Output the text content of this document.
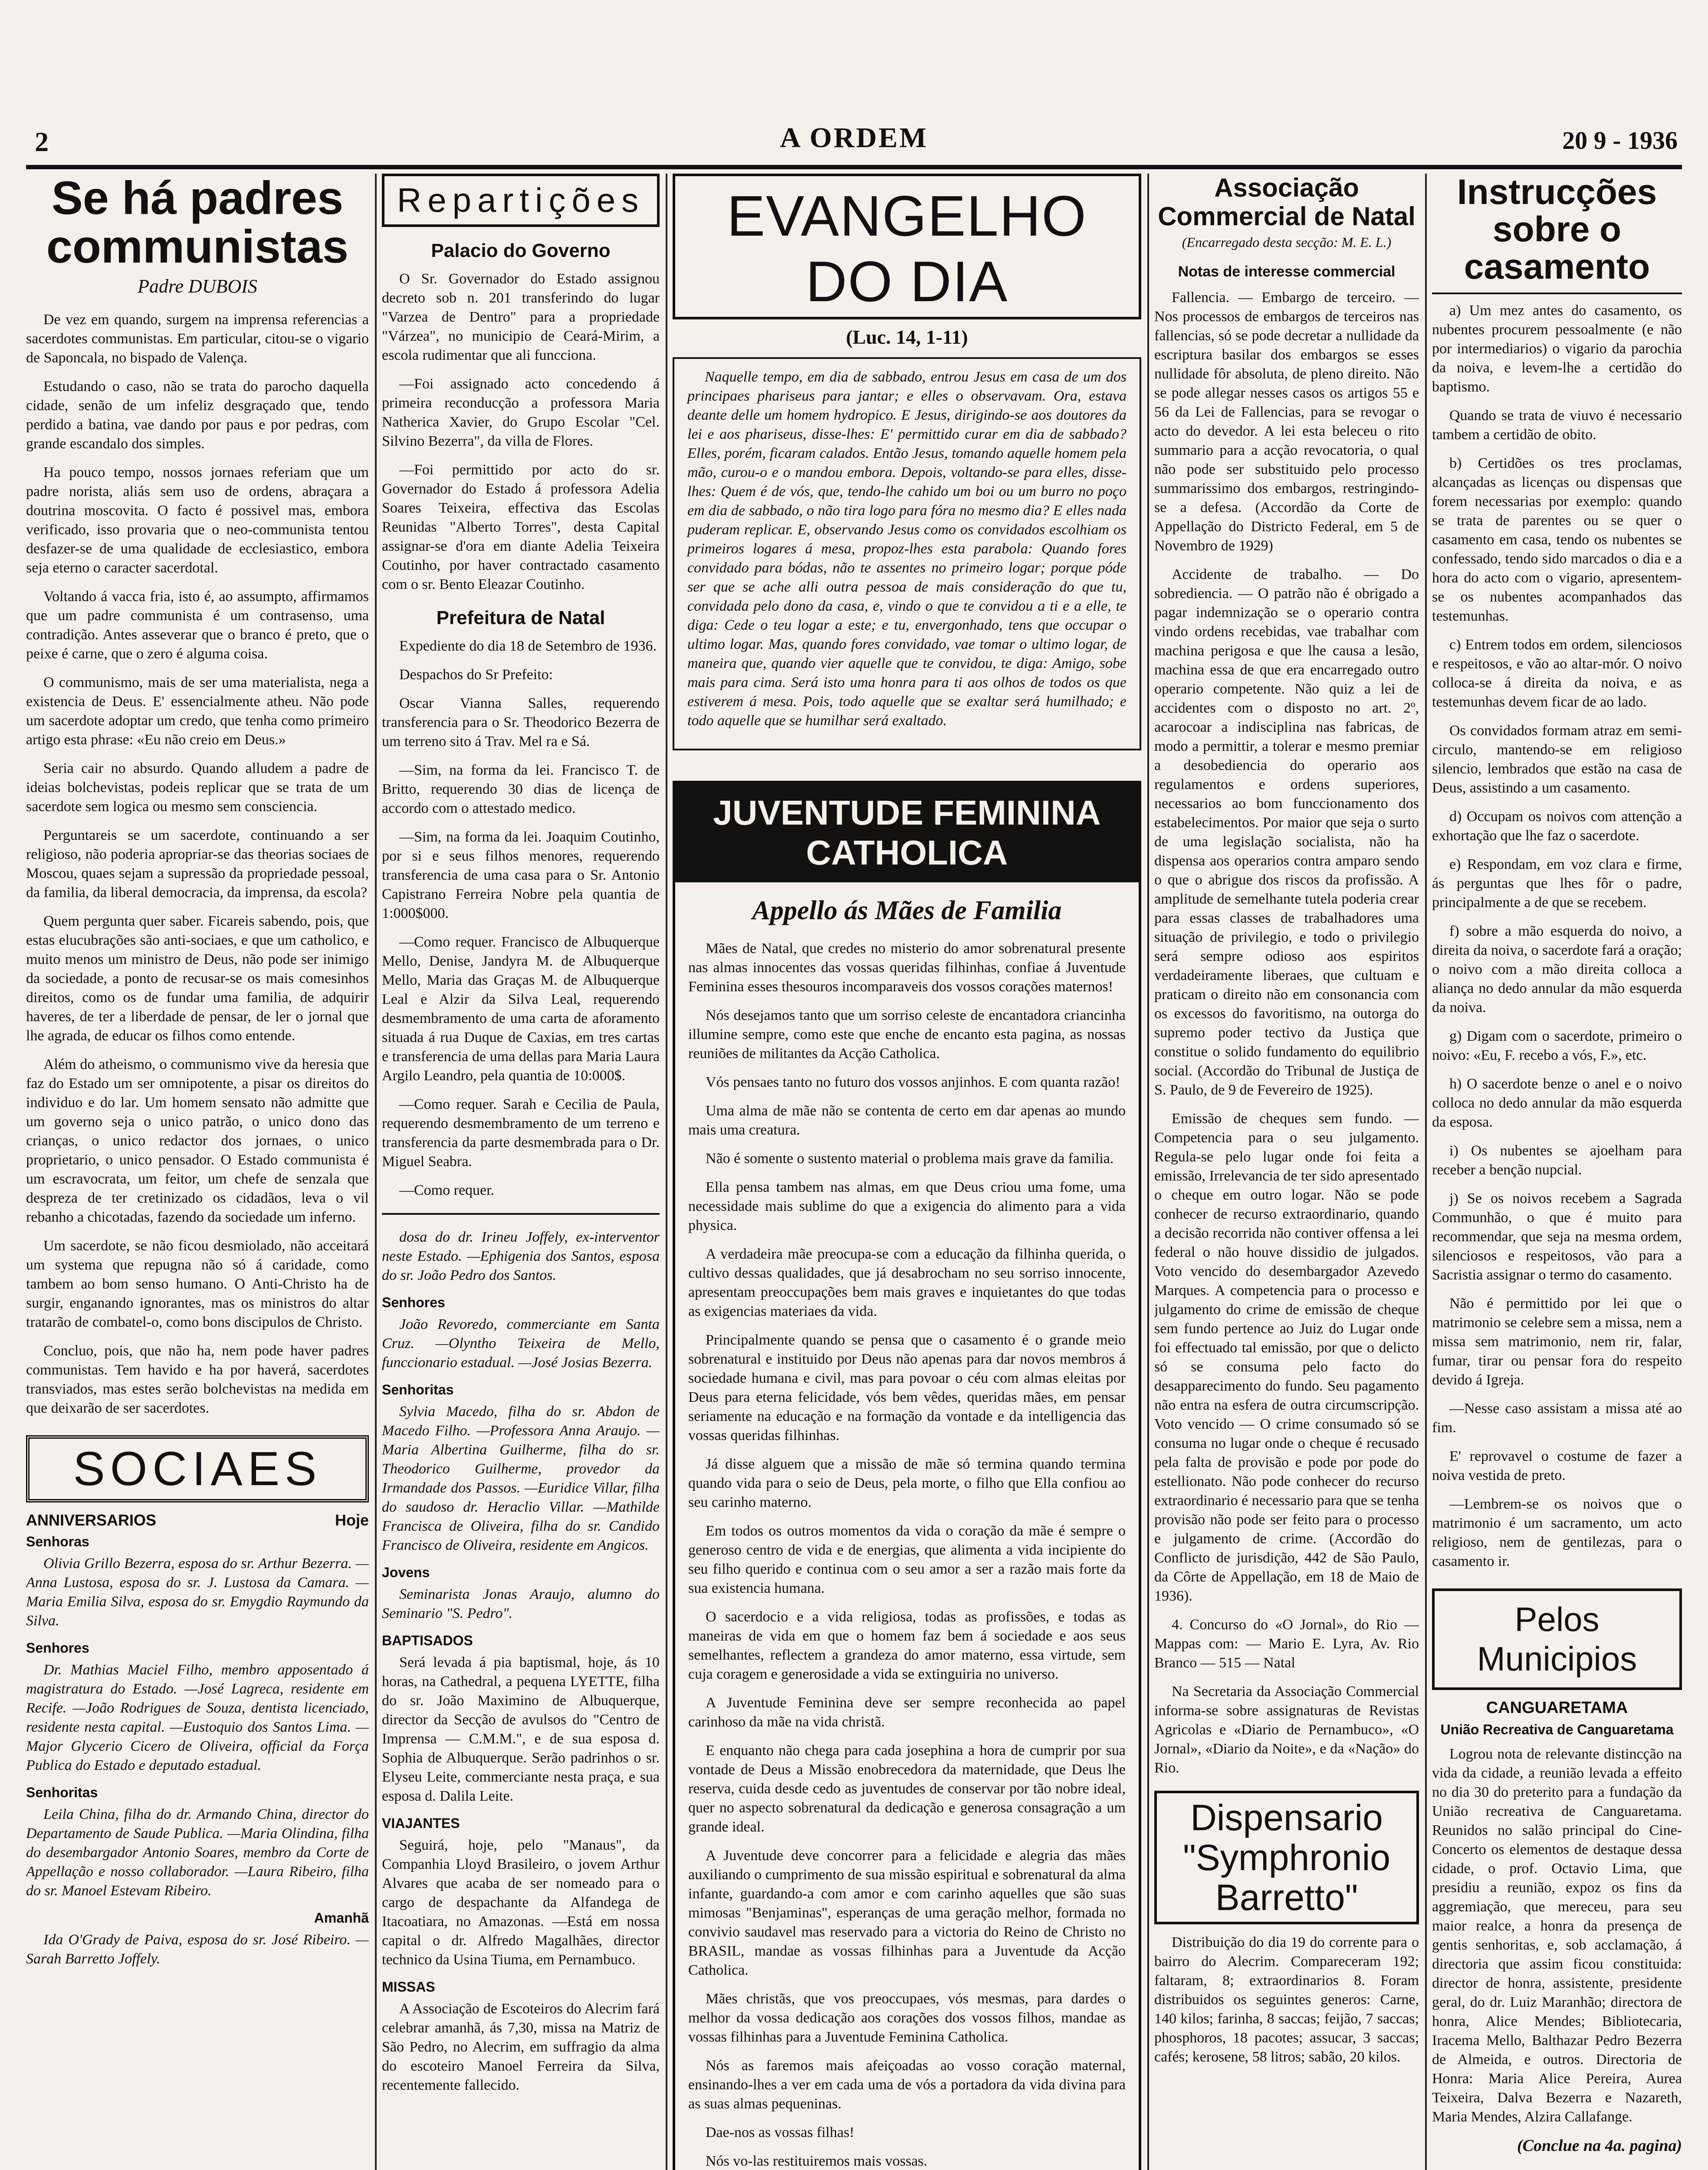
2	A ORDEM	20 9 - 1936
Se há padres communistas
Padre DUBOIS

De vez em quando, surgem na imprensa referencias a sacerdotes communistas. Em particular, citou-se o vigario de Saponcala, no bispado de Valença.

Estudando o caso, não se trata do parocho daquella cidade, senão de um infeliz desgraçado que, tendo perdido a batina, vae dando por paus e por pedras, com grande escandalo dos simples.

Ha pouco tempo, nossos jornaes referiam que um padre norista, aliás sem uso de ordens, abraçara a doutrina moscovita. O facto é possivel mas, embora verificado, isso provaria que o neo-communista tentou desfazer-se de uma qualidade de ecclesiastico, embora seja eterno o caracter sacerdotal.

Voltando á vacca fria, isto é, ao assumpto, affirmamos que um padre communista é um contrasenso, uma contradição. Antes asseverar que o branco é preto, que o peixe é carne, que o zero é alguma coisa.

O communismo, mais de ser uma materialista, nega a existencia de Deus. E' essencialmente atheu. Não pode um sacerdote adoptar um credo, que tenha como primeiro artigo esta phrase: «Eu não creio em Deus.»

Seria cair no absurdo. Quando alludem a padre de ideias bolchevistas, podeis replicar que se trata de um sacerdote sem logica ou mesmo sem consciencia.

Perguntareis se um sacerdote, continuando a ser religioso, não poderia apropriar-se das theorias sociaes de Moscou, quaes sejam a supressão da propriedade pessoal, da familia, da liberal democracia, da imprensa, da escola?

Quem pergunta quer saber. Ficareis sabendo, pois, que estas elucubrações são anti-sociaes, e que um catholico, e muito menos um ministro de Deus, não pode ser inimigo da sociedade, a ponto de recusar-se os mais comesinhos direitos, como os de fundar uma familia, de adquirir haveres, de ter a liberdade de pensar, de ler o jornal que lhe agrada, de educar os filhos como entende.

Além do atheismo, o communismo vive da heresia que faz do Estado um ser omnipotente, a pisar os direitos do individuo e do lar. Um homem sensato não admitte que um governo seja o unico patrão, o unico dono das crianças, o unico redactor dos jornaes, o unico proprietario, o unico pensador. O Estado communista é um escravocrata, um feitor, um chefe de senzala que despreza de ter cretinizado os cidadãos, leva o vil rebanho a chicotadas, fazendo da sociedade um inferno.

Um sacerdote, se não ficou desmiolado, não acceitará um systema que repugna não só á caridade, como tambem ao bom senso humano. O Anti-Christo ha de surgir, enganando ignorantes, mas os ministros do altar tratarão de combatel-o, como bons discipulos de Christo.

Concluo, pois, que não ha, nem pode haver padres communistas. Tem havido e ha por haverá, sacerdotes transviados, mas estes serão bolchevistas na medida em que deixarão de ser sacerdotes.

SOCIAES
ANNIVERSARIOS	Hoje
Senhoras

Olivia Grillo Bezerra, esposa do sr. Arthur Bezerra. —Anna Lustosa, esposa do sr. J. Lustosa da Camara. —Maria Emilia Silva, esposa do sr. Emygdio Raymundo da Silva.

Senhores

Dr. Mathias Maciel Filho, membro apposentado á magistratura do Estado. —José Lagreca, residente em Recife. —João Rodrigues de Souza, dentista licenciado, residente nesta capital. —Eustoquio dos Santos Lima. —Major Glycerio Cicero de Oliveira, official da Força Publica do Estado e deputado estadual.

Senhoritas

Leila China, filha do dr. Armando China, director do Departamento de Saude Publica. —Maria Olindina, filha do desembargador Antonio Soares, membro da Corte de Appellação e nosso collaborador. —Laura Ribeiro, filha do sr. Manoel Estevam Ribeiro.

Amanhã

Ida O'Grady de Paiva, esposa do sr. José Ribeiro. —Sarah Barretto Joffely.

Repartições
Palacio do Governo

O Sr. Governador do Estado assignou decreto sob n. 201 transferindo do lugar "Varzea de Dentro" para a propriedade "Várzea", no municipio de Ceará-Mirim, a escola rudimentar que ali funcciona.

—Foi assignado acto concedendo á primeira reconducção a professora Maria Natherica Xavier, do Grupo Escolar "Cel. Silvino Bezerra", da villa de Flores.

—Foi permittido por acto do sr. Governador do Estado á professora Adelia Soares Teixeira, effectiva das Escolas Reunidas "Alberto Torres", desta Capital assignar-se d'ora em diante Adelia Teixeira Coutinho, por haver contractado casamento com o sr. Bento Eleazar Coutinho.

Prefeitura de Natal

Expediente do dia 18 de Setembro de 1936.

Despachos do Sr Prefeito:

Oscar Vianna Salles, requerendo transferencia para o Sr. Theodorico Bezerra de um terreno sito á Trav. Mel ra e Sá.

—Sim, na forma da lei. Francisco T. de Britto, requerendo 30 dias de licença de accordo com o attestado medico.

—Sim, na forma da lei. Joaquim Coutinho, por si e seus filhos menores, requerendo transferencia de uma casa para o Sr. Antonio Capistrano Ferreira Nobre pela quantia de 1:000$000.

—Como requer. Francisco de Albuquerque Mello, Denise, Jandyra M. de Albuquerque Mello, Maria das Graças M. de Albuquerque Leal e Alzir da Silva Leal, requerendo desmembramento de uma carta de aforamento situada á rua Duque de Caxias, em tres cartas e transferencia de uma dellas para Maria Laura Argilo Leandro, pela quantia de 10:000$.

—Como requer. Sarah e Cecilia de Paula, requerendo desmembramento de um terreno e transferencia da parte desmembrada para o Dr. Miguel Seabra.

—Como requer.

dosa do dr. Irineu Joffely, ex-interventor neste Estado. —Ephigenia dos Santos, esposa do sr. João Pedro dos Santos.

Senhores

João Revoredo, commerciante em Santa Cruz. —Olyntho Teixeira de Mello, funccionario estadual. —José Josias Bezerra.

Senhoritas

Sylvia Macedo, filha do sr. Abdon de Macedo Filho. —Professora Anna Araujo. —Maria Albertina Guilherme, filha do sr. Theodorico Guilherme, provedor da Irmandade dos Passos. —Euridice Villar, filha do saudoso dr. Heraclio Villar. —Mathilde Francisca de Oliveira, filha do sr. Candido Francisco de Oliveira, residente em Angicos.

Jovens

Seminarista Jonas Araujo, alumno do Seminario "S. Pedro".

BAPTISADOS

Será levada á pia baptismal, hoje, ás 10 horas, na Cathedral, a pequena LYETTE, filha do sr. João Maximino de Albuquerque, director da Secção de avulsos do "Centro de Imprensa — C.M.M.", e de sua esposa d. Sophia de Albuquerque. Serão padrinhos o sr. Elyseu Leite, commerciante nesta praça, e sua esposa d. Dalila Leite.

VIAJANTES

Seguirá, hoje, pelo "Manaus", da Companhia Lloyd Brasileiro, o jovem Arthur Alvares que acaba de ser nomeado para o cargo de despachante da Alfandega de Itacoatiara, no Amazonas. —Está em nossa capital o dr. Alfredo Magalhães, director technico da Usina Tiuma, em Pernambuco.

MISSAS

A Associação de Escoteiros do Alecrim fará celebrar amanhã, ás 7,30, missa na Matriz de São Pedro, no Alecrim, em suffragio da alma do escoteiro Manoel Ferreira da Silva, recentemente fallecido.

EVANGELHO DO DIA
(Luc. 14, 1-11)

Naquelle tempo, em dia de sabbado, entrou Jesus em casa de um dos principaes phariseus para jantar; e elles o observavam. Ora, estava deante delle um homem hydropico. E Jesus, dirigindo-se aos doutores da lei e aos phariseus, disse-lhes: E' permittido curar em dia de sabbado? Elles, porém, ficaram calados. Então Jesus, tomando aquelle homem pela mão, curou-o e o mandou embora. Depois, voltando-se para elles, disse-lhes: Quem é de vós, que, tendo-lhe cahido um boi ou um burro no poço em dia de sabbado, o não tira logo para fóra no mesmo dia? E elles nada puderam replicar. E, observando Jesus como os convidados escolhiam os primeiros logares á mesa, propoz-lhes esta parabola: Quando fores convidado para bódas, não te assentes no primeiro logar; porque póde ser que se ache alli outra pessoa de mais consideração do que tu, convidada pelo dono da casa, e, vindo o que te convidou a ti e a elle, te diga: Cede o teu logar a este; e tu, envergonhado, tens que occupar o ultimo logar. Mas, quando fores convidado, vae tomar o ultimo logar, de maneira que, quando vier aquelle que te convidou, te diga: Amigo, sobe mais para cima. Será isto uma honra para ti aos olhos de todos os que estiverem á mesa. Pois, todo aquelle que se exaltar será humilhado; e todo aquelle que se humilhar será exaltado.

JUVENTUDE FEMININA CATHOLICA
Appello ás Mães de Familia

Mães de Natal, que credes no misterio do amor sobrenatural presente nas almas innocentes das vossas queridas filhinhas, confiae á Juventude Feminina esses thesouros incomparaveis dos vossos corações maternos!

Nós desejamos tanto que um sorriso celeste de encantadora criancinha illumine sempre, como este que enche de encanto esta pagina, as nossas reuniões de militantes da Acção Catholica.

Vós pensaes tanto no futuro dos vossos anjinhos. E com quanta razão!

Uma alma de mãe não se contenta de certo em dar apenas ao mundo mais uma creatura.

Não é somente o sustento material o problema mais grave da familia.

Ella pensa tambem nas almas, em que Deus criou uma fome, uma necessidade mais sublime do que a exigencia do alimento para a vida physica.

A verdadeira mãe preocupa-se com a educação da filhinha querida, o cultivo dessas qualidades, que já desabrocham no seu sorriso innocente, apresentam preoccupações bem mais graves e inquietantes do que todas as exigencias materiaes da vida.

Principalmente quando se pensa que o casamento é o grande meio sobrenatural e instituido por Deus não apenas para dar novos membros á sociedade humana e civil, mas para povoar o céu com almas eleitas por Deus para eterna felicidade, vós bem vêdes, queridas mães, em pensar seriamente na educação e na formação da vontade e da intelligencia das vossas queridas filhinhas.

Já disse alguem que a missão de mãe só termina quando termina quando vida para o seio de Deus, pela morte, o filho que Ella confiou ao seu carinho materno.

Em todos os outros momentos da vida o coração da mãe é sempre o generoso centro de vida e de energias, que alimenta a vida incipiente do seu filho querido e continua com o seu amor a ser a razão mais forte da sua existencia humana.

O sacerdocio e a vida religiosa, todas as profissões, e todas as maneiras de vida em que o homem faz bem á sociedade e aos seus semelhantes, reflectem a grandeza do amor materno, essa virtude, sem cuja coragem e generosidade a vida se extinguiria no universo.

A Juventude Feminina deve ser sempre reconhecida ao papel carinhoso da mãe na vida christã.

E enquanto não chega para cada josephina a hora de cumprir por sua vontade de Deus a Missão enobrecedora da maternidade, que Deus lhe reserva, cuida desde cedo as juventudes de conservar por tão nobre ideal, quer no aspecto sobrenatural da dedicação e generosa consagração a um grande ideal.

A Juventude deve concorrer para a felicidade e alegria das mães auxiliando o cumprimento de sua missão espiritual e sobrenatural da alma infante, guardando-a com amor e com carinho aquelles que são suas mimosas "Benjaminas", esperanças de uma geração melhor, formada no convivio saudavel mas reservado para a victoria do Reino de Christo no BRASIL, mandae as vossas filhinhas para a Juventude da Acção Catholica.

Mães christãs, que vos preoccupaes, vós mesmas, para dardes o melhor da vossa dedicação aos corações dos vossos filhos, mandae as vossas filhinhas para a Juventude Feminina Catholica.

Nós as faremos mais afeiçoadas ao vosso coração maternal, ensinando-lhes a ver em cada uma de vós a portadora da vida divina para as suas almas pequeninas.

Dae-nos as vossas filhas!

Nós vo-las restituiremos mais vossas.

Associação Commercial de Natal
(Encarregado desta secção: M. E. L.)
Notas de interesse commercial

Fallencia. — Embargo de terceiro. — Nos processos de embargos de terceiros nas fallencias, só se pode decretar a nullidade da escriptura basilar dos embargos se esses nullidade fôr absoluta, de pleno direito. Não se pode allegar nesses casos os artigos 55 e 56 da Lei de Fallencias, para se revogar o acto do devedor. A lei esta beleceu o rito summario para a acção revocatoria, o qual não pode ser substituido pelo processo summarissimo dos embargos, restringindo-se a defesa. (Accordão da Corte de Appellação do Districto Federal, em 5 de Novembro de 1929)

Accidente de trabalho. — Do sobrediencia. — O patrão não é obrigado a pagar indemnização se o operario contra vindo ordens recebidas, vae trabalhar com machina perigosa e que lhe causa a lesão, machina essa de que era encarregado outro operario competente. Não quiz a lei de accidentes com o disposto no art. 2º, acarocoar a indisciplina nas fabricas, de modo a permittir, a tolerar e mesmo premiar a desobediencia do operario aos regulamentos e ordens superiores, necessarios ao bom funccionamento dos estabelecimentos. Por maior que seja o surto de uma legislação socialista, não ha dispensa aos operarios contra amparo sendo o que o abrigue dos riscos da profissão. A amplitude de semelhante tutela poderia crear para essas classes de trabalhadores uma situação de privilegio, e todo o privilegio será sempre odioso aos espiritos verdadeiramente liberaes, que cultuam e praticam o direito não em consonancia com os excessos do favoritismo, na outorga do supremo poder tectivo da Justiça que constitue o solido fundamento do equilibrio social. (Accordão do Tribunal de Justiça de S. Paulo, de 9 de Fevereiro de 1925).

Emissão de cheques sem fundo. — Competencia para o seu julgamento. Regula-se pelo lugar onde foi feita a emissão, Irrelevancia de ter sido apresentado o cheque em outro logar. Não se pode conhecer de recurso extraordinario, quando a decisão recorrida não contiver offensa a lei federal o não houve dissidio de julgados. Voto vencido do desembargador Azevedo Marques. A competencia para o processo e julgamento do crime de emissão de cheque sem fundo pertence ao Juiz do Lugar onde foi effectuado tal emissão, por que o delicto só se consuma pelo facto do desapparecimento do fundo. Seu pagamento não entra na esfera de outra circumscripção. Voto vencido — O crime consumado só se consuma no lugar onde o cheque é recusado pela falta de provisão e pode por pode do estellionato. Não pode conhecer do recurso extraordinario é necessario para que se tenha provisão não pode ser feito para o processo e julgamento de crime. (Accordão do Conflicto de jurisdição, 442 de São Paulo, da Côrte de Appellação, em 18 de Maio de 1936).

4. Concurso do «O Jornal», do Rio — Mappas com: — Mario E. Lyra, Av. Rio Branco — 515 — Natal

Na Secretaria da Associação Commercial informa-se sobre assignaturas de Revistas Agricolas e «Diario de Pernambuco», «O Jornal», «Diario da Noite», e da «Nação» do Rio.

Dispensario "Symphronio Barretto"

Distribuição do dia 19 do corrente para o bairro do Alecrim. Compareceram 192; faltaram, 8; extraordinarios 8. Foram distribuidos os seguintes generos: Carne, 140 kilos; farinha, 8 saccas; feijão, 7 saccas; phosphoros, 18 pacotes; assucar, 3 saccas; cafés; kerosene, 58 litros; sabão, 20 kilos.

Instrucções sobre o casamento

a) Um mez antes do casamento, os nubentes procurem pessoalmente (e não por intermediarios) o vigario da parochia da noiva, e levem-lhe a certidão do baptismo.

Quando se trata de viuvo é necessario tambem a certidão de obito.

b) Certidões os tres proclamas, alcançadas as licenças ou dispensas que forem necessarias por exemplo: quando se trata de parentes ou se quer o casamento em casa, tendo os nubentes se confessado, tendo sido marcados o dia e a hora do acto com o vigario, apresentem-se os nubentes acompanhados das testemunhas.

c) Entrem todos em ordem, silenciosos e respeitosos, e vão ao altar-mór. O noivo colloca-se á direita da noiva, e as testemunhas devem ficar de ao lado.

Os convidados formam atraz em semi-circulo, mantendo-se em religioso silencio, lembrados que estão na casa de Deus, assistindo a um casamento.

d) Occupam os noivos com attenção a exhortação que lhe faz o sacerdote.

e) Respondam, em voz clara e firme, ás perguntas que lhes fôr o padre, principalmente a de que se recebem.

f) sobre a mão esquerda do noivo, a direita da noiva, o sacerdote fará a oração; o noivo com a mão direita colloca a aliança no dedo annular da mão esquerda da noiva.

g) Digam com o sacerdote, primeiro o noivo: «Eu, F. recebo a vós, F.», etc.

h) O sacerdote benze o anel e o noivo colloca no dedo annular da mão esquerda da esposa.

i) Os nubentes se ajoelham para receber a benção nupcial.

j) Se os noivos recebem a Sagrada Communhão, o que é muito para recommendar, que seja na mesma ordem, silenciosos e respeitosos, vão para a Sacristia assignar o termo do casamento.

Não é permittido por lei que o matrimonio se celebre sem a missa, nem a missa sem matrimonio, nem rir, falar, fumar, tirar ou pensar fora do respeito devido á Igreja.

—Nesse caso assistam a missa até ao fim.

E' reprovavel o costume de fazer a noiva vestida de preto.

—Lembrem-se os noivos que o matrimonio é um sacramento, um acto religioso, nem de gentilezas, para o casamento ir.

Pelos Municipios
CANGUARETAMA
União Recreativa de Canguaretama

Logrou nota de relevante distincção na vida da cidade, a reunião levada a effeito no dia 30 do preterito para a fundação da União recreativa de Canguaretama. Reunidos no salão principal do Cine-Concerto os elementos de destaque dessa cidade, o prof. Octavio Lima, que presidiu a reunião, expoz os fins da aggremiação, que mereceu, para seu maior realce, a honra da presença de gentis senhoritas, e, sob acclamação, á directoria que assim ficou constituida: director de honra, assistente, presidente geral, do dr. Luiz Maranhão; directora de honra, Alice Mendes; Bibliotecaria, Iracema Mello, Balthazar Pedro Bezerra de Almeida, e outros. Directoria de Honra: Maria Alice Pereira, Aurea Teixeira, Dalva Bezerra e Nazareth, Maria Mendes, Alzira Callafange.

(Conclue na 4a. pagina)
